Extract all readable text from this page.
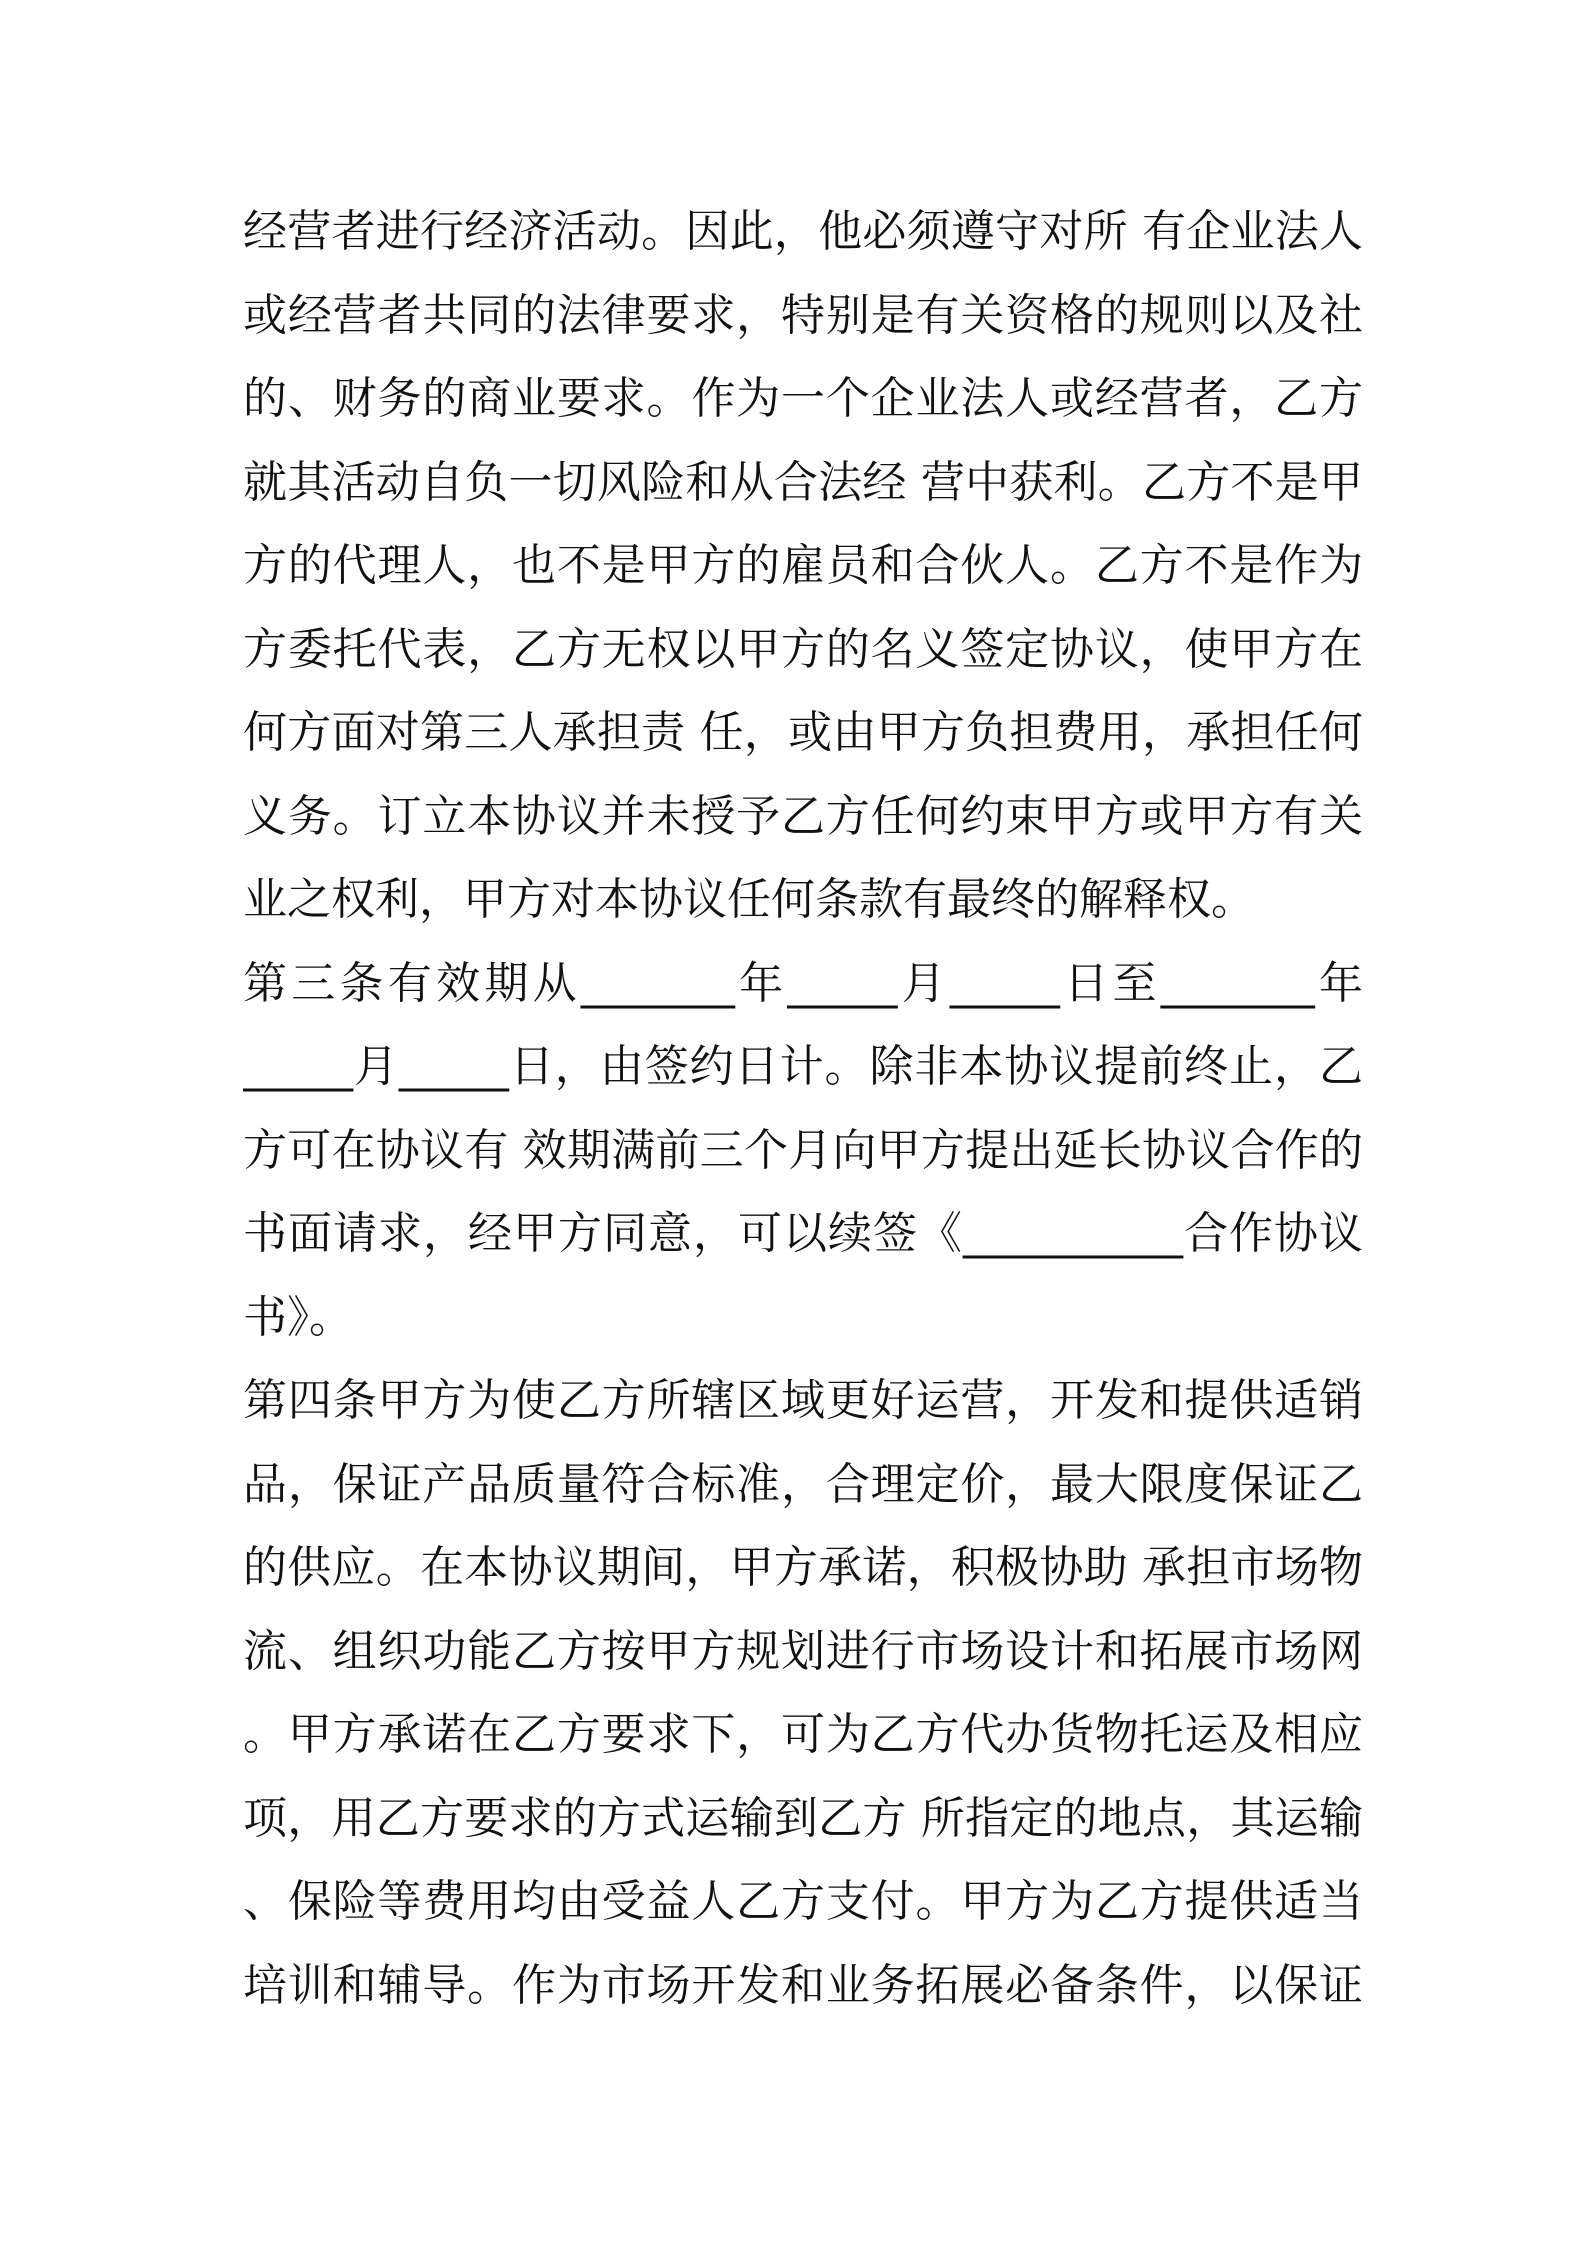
经营者进行经济活动。因此，他必须遵守对所 有企业法人
或经营者共同的法律要求，特别是有关资格的规则以及社
的、财务的商业要求。作为一个企业法人或经营者，乙方
就其活动自负一切风险和从合法经 营中获利。乙方不是甲
方的代理人，也不是甲方的雇员和合伙人。乙方不是作为
方委托代表，乙方无权以甲方的名义签定协议，使甲方在
何方面对第三人承担责 任，或由甲方负担费用，承担任何
义务。订立本协议并未授予乙方任何约束甲方或甲方有关
业之权利，甲方对本协议任何条款有最终的解释权。
第三条有效期从_______年_____月_____日至_______年
_____月_____日，由签约日计。除非本协议提前终止，乙
方可在协议有 效期满前三个月向甲方提出延长协议合作的
书面请求，经甲方同意，可以续签《__________合作协议
书》。
第四条甲方为使乙方所辖区域更好运营，开发和提供适销
品，保证产品质量符合标准，合理定价，最大限度保证乙
的供应。在本协议期间，甲方承诺，积极协助 承担市场物
流、组织功能乙方按甲方规划进行市场设计和拓展市场网
。甲方承诺在乙方要求下，可为乙方代办货物托运及相应
项，用乙方要求的方式运输到乙方 所指定的地点，其运输
、保险等费用均由受益人乙方支付。甲方为乙方提供适当
培训和辅导。作为市场开发和业务拓展必备条件，以保证
